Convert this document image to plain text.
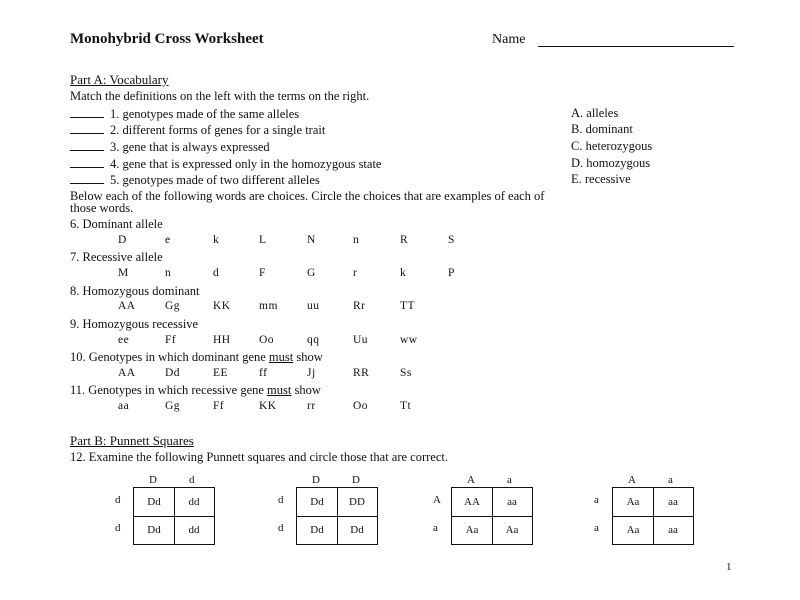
Monohybrid Cross Worksheet	Name
Part A: Vocabulary
Match the definitions on the left with the terms on the right.
1. genotypes made of the same alleles
2. different forms of genes for a single trait
3. gene that is always expressed
4. gene that is expressed only in the homozygous state
5. genotypes made of two different alleles
A. alleles
B. dominant
C. heterozygous
D. homozygous
E. recessive
Below each of the following words are choices. Circle the choices that are examples of each of
those words.
6. Dominant allele
D	e	k	L	N	n	R	S
7. Recessive allele
M	n	d	F	G	r	k	P
8. Homozygous dominant
AA	Gg	KK mm	uu	Rr	TT
9. Homozygous recessive
ee	Ff	HH Oo	qq	Uu	ww
10. Genotypes in which dominant gene must show
AA	Dd	EE	ff	Jj	RR	Ss
11. Genotypes in which recessive gene must show
aa	Gg	Ff	KK	rr	Oo	Tt
Part B: Punnett Squares
12. Examine the following Punnett squares and circle those that are correct.
D	d
d
d
Dd	dd
Dd	dd
D	D
d
d
Dd	DD
Dd	Dd
A	a
A
a
AA	aa
Aa	Aa
A	a
a
a
Aa	aa
Aa	aa
1
